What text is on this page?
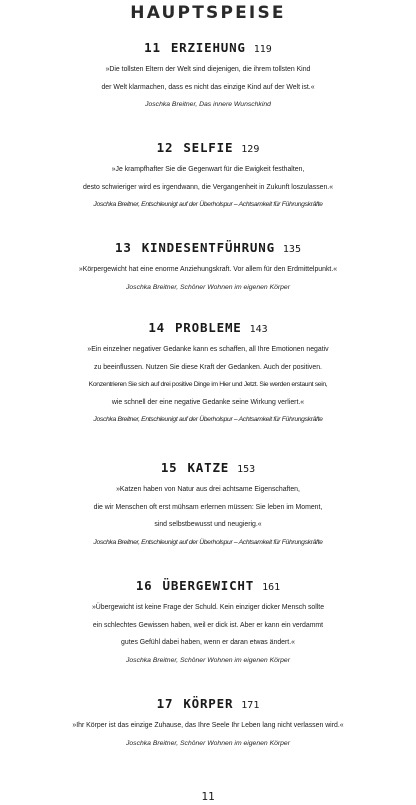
HAUPTSPEISE
11 ERZIEHUNG 119

»Die tollsten Eltern der Welt sind diejenigen, die ihrem tollsten Kind

der Welt klarmachen, dass es nicht das einzige Kind auf der Welt ist.«

Joschka Breitner, Das innere Wunschkind

12 SELFIE 129

»Je krampfhafter Sie die Gegenwart für die Ewigkeit festhalten,

desto schwieriger wird es irgendwann, die Vergangenheit in Zukunft loszulassen.«

Joschka Breitner, Entschleunigt auf der Überholspur – Achtsamkeit für Führungskräfte

13 KINDESENTFÜHRUNG 135

»Körpergewicht hat eine enorme Anziehungskraft. Vor allem für den Erdmittelpunkt.«

Joschka Breitner, Schöner Wohnen im eigenen Körper

14 PROBLEME 143

»Ein einzelner negativer Gedanke kann es schaffen, all Ihre Emotionen negativ

zu beeinflussen. Nutzen Sie diese Kraft der Gedanken. Auch der positiven.

Konzentrieren Sie sich auf drei positive Dinge im Hier und Jetzt. Sie werden erstaunt sein,

wie schnell der eine negative Gedanke seine Wirkung verliert.«

Joschka Breitner, Entschleunigt auf der Überholspur – Achtsamkeit für Führungskräfte

15 KATZE 153

»Katzen haben von Natur aus drei achtsame Eigenschaften,

die wir Menschen oft erst mühsam erlernen müssen: Sie leben im Moment,

sind selbstbewusst und neugierig.«

Joschka Breitner, Entschleunigt auf der Überholspur – Achtsamkeit für Führungskräfte

16 ÜBERGEWICHT 161

»Übergewicht ist keine Frage der Schuld. Kein einziger dicker Mensch sollte

ein schlechtes Gewissen haben, weil er dick ist. Aber er kann ein verdammt

gutes Gefühl dabei haben, wenn er daran etwas ändert.«

Joschka Breitner, Schöner Wohnen im eigenen Körper

17 KÖRPER 171

»Ihr Körper ist das einzige Zuhause, das Ihre Seele Ihr Leben lang nicht verlassen wird.«

Joschka Breitner, Schöner Wohnen im eigenen Körper

11
